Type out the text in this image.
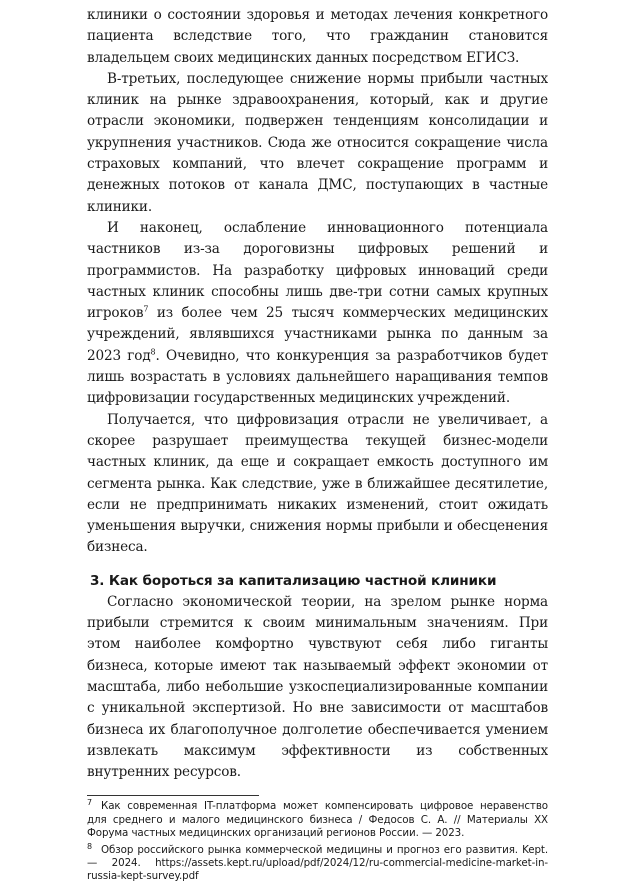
клиники о состоянии здоровья и методах лечения конкретного пациента вследствие того, что гражданин становится владельцем своих медицинских данных посредством ЕГИСЗ.

В-третьих, последующее снижение нормы прибыли частных клиник на рынке здравоохранения, который, как и другие отрасли экономики, подвержен тенденциям консолидации и укрупнения участников. Сюда же относится сокращение числа страховых компаний, что влечет сокращение программ и денежных потоков от канала ДМС, поступающих в частные клиники.

И наконец, ослабление инновационного потенциала частников из-за дороговизны цифровых решений и программистов. На разработку цифровых инноваций среди частных клиник способны лишь две-три сотни самых крупных игроков$^7$ из более чем 25 тысяч коммерческих медицинских учреждений, являвшихся участниками рынка по данным за 2023 год$^8$. Очевидно, что конкуренция за разработчиков будет лишь возрастать в условиях дальнейшего наращивания темпов цифровизации государственных медицинских учреждений.

Получается, что цифровизация отрасли не увеличивает, а скорее разрушает преимущества текущей бизнес-модели частных клиник, да еще и сокращает емкость доступного им сегмента рынка. Как следствие, уже в ближайшее десятилетие, если не предпринимать никаких изменений, стоит ожидать уменьшения выручки, снижения нормы прибыли и обесценения бизнеса.

3. Как бороться за капитализацию частной клиники

Согласно экономической теории, на зрелом рынке норма прибыли стремится к своим минимальным значениям. При этом наиболее комфортно чувствуют себя либо гиганты бизнеса, которые имеют так называемый эффект экономии от масштаба, либо небольшие узкоспециализированные компании с уникальной экспертизой. Но вне зависимости от масштабов бизнеса их благополучное долголетие обеспечивается умением извлекать максимум эффективности из собственных внутренних ресурсов.

7 Как современная IT-платформа может компенсировать цифровое неравенство для среднего и малого медицинского бизнеса / Федосов С. А. // Материалы XX Форума частных медицинских организаций регионов России. — 2023.

8 Обзор российского рынка коммерческой медицины и прогноз его развития. Kept. — 2024. https://assets.kept.ru/upload/pdf/2024/12/ru-commercial-medicine-market-in-russia-kept-survey.pdf
